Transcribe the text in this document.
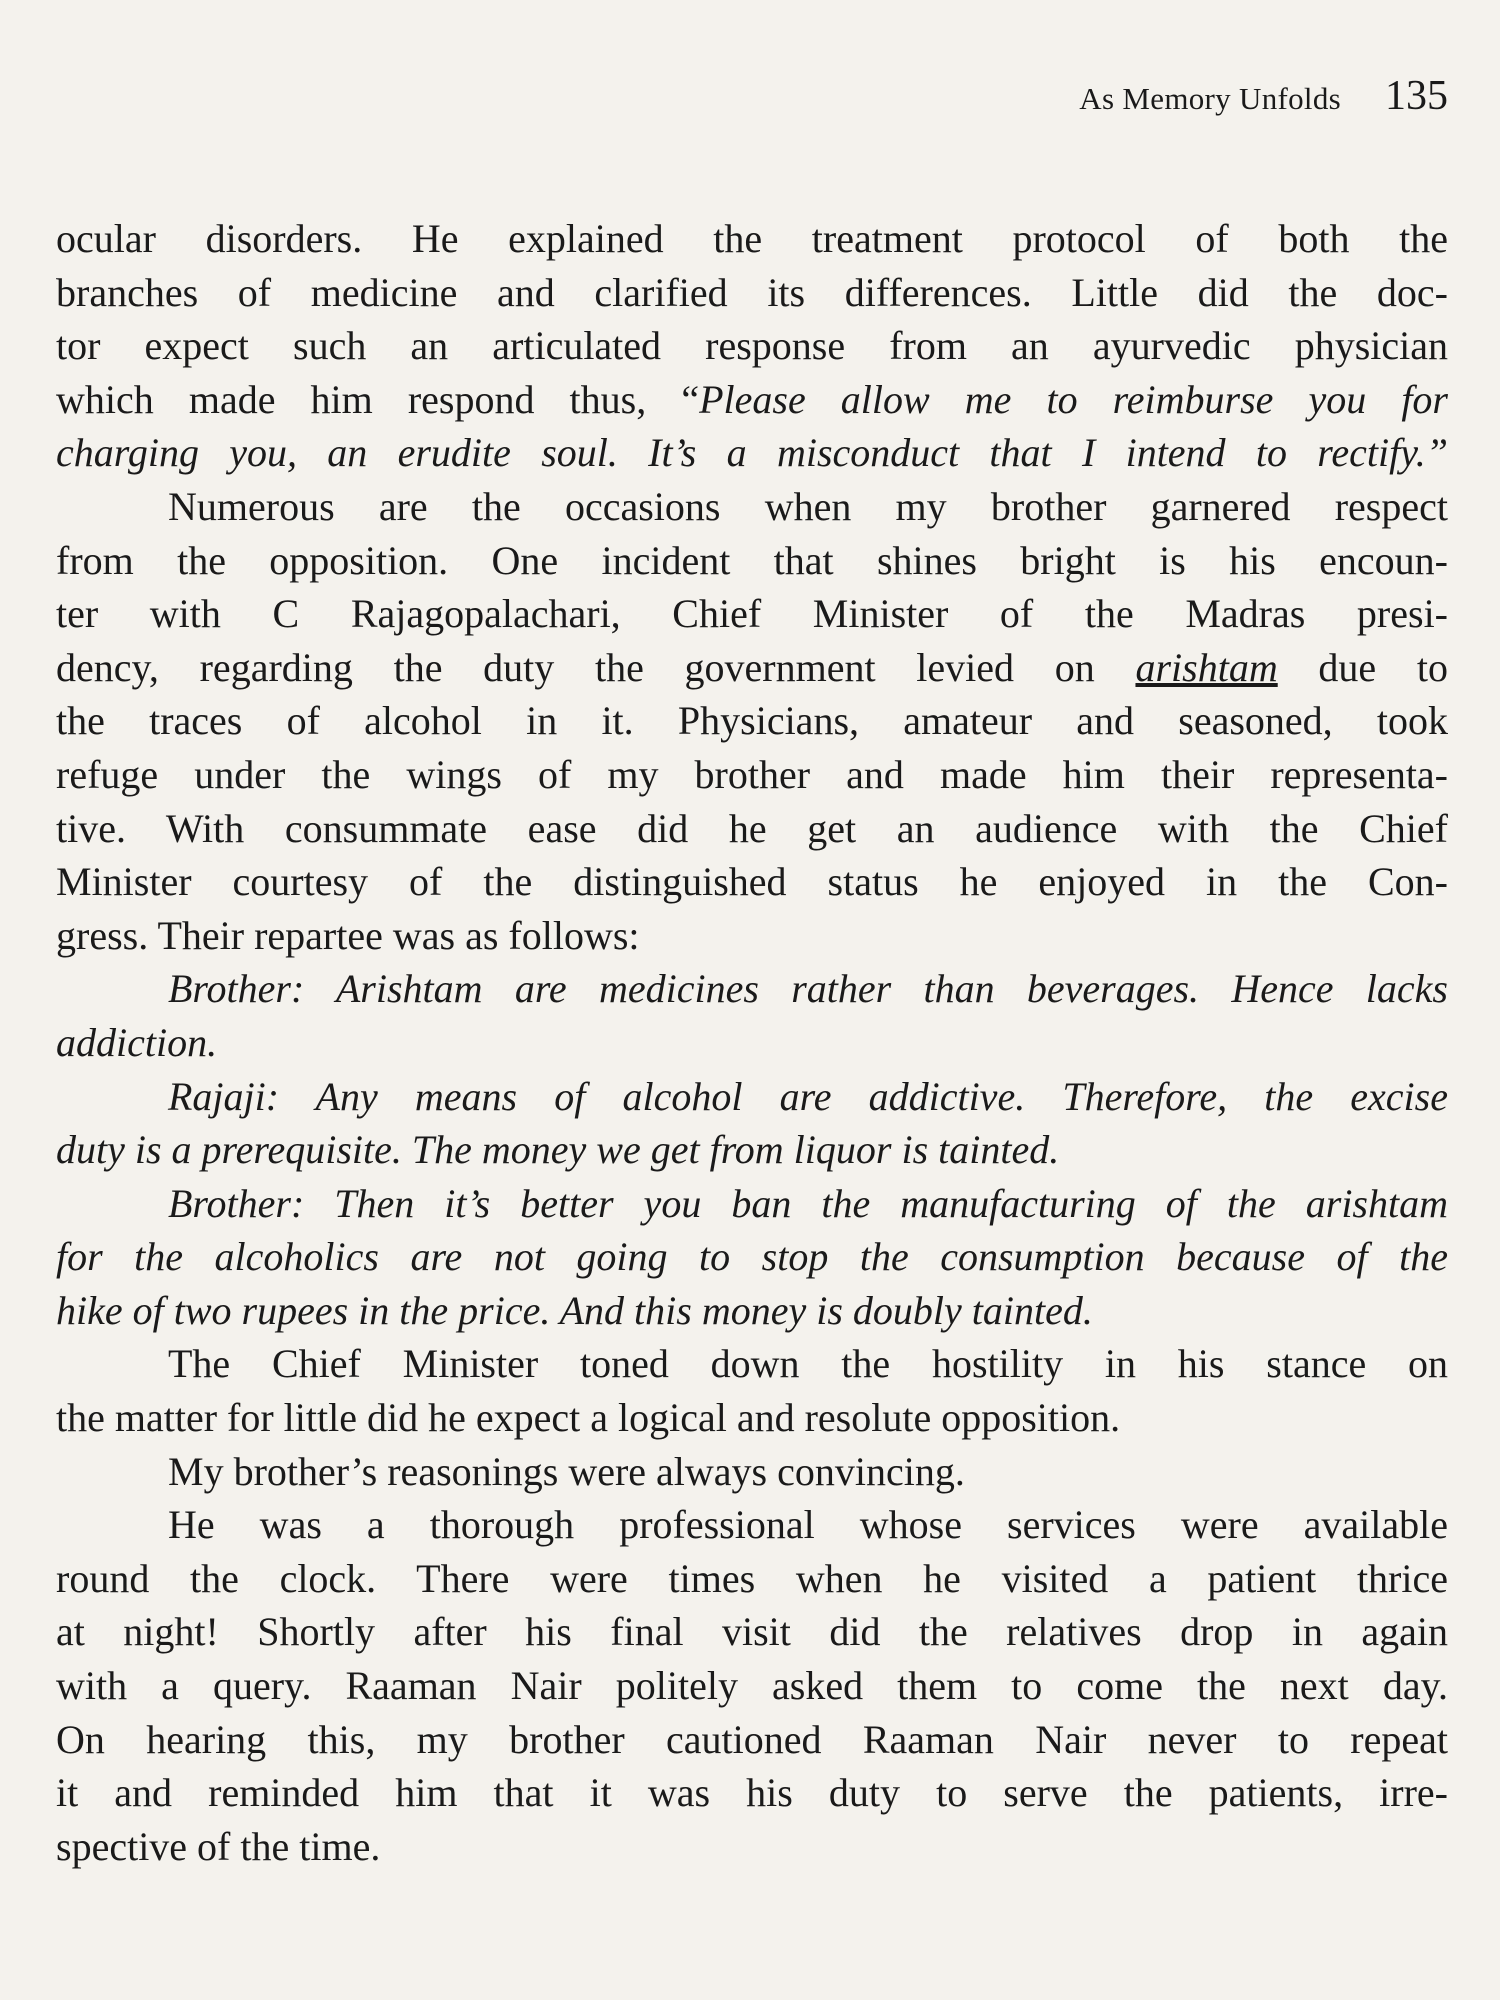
As Memory Unfolds 135
ocular disorders. He explained the treatment protocol of both the
branches of medicine and clarified its differences. Little did the doc-
tor expect such an articulated response from an ayurvedic physician
which made him respond thus, “Please allow me to reimburse you for
charging you, an erudite soul. It’s a misconduct that I intend to rectify.”
Numerous are the occasions when my brother garnered respect
from the opposition. One incident that shines bright is his encoun-
ter with C Rajagopalachari, Chief Minister of the Madras presi-
dency, regarding the duty the government levied on arishtam due to
the traces of alcohol in it. Physicians, amateur and seasoned, took
refuge under the wings of my brother and made him their representa-
tive. With consummate ease did he get an audience with the Chief
Minister courtesy of the distinguished status he enjoyed in the Con-
gress. Their repartee was as follows:
Brother: Arishtam are medicines rather than beverages. Hence lacks
addiction.
Rajaji: Any means of alcohol are addictive. Therefore, the excise
duty is a prerequisite. The money we get from liquor is tainted.
Brother: Then it’s better you ban the manufacturing of the arishtam
for the alcoholics are not going to stop the consumption because of the
hike of two rupees in the price. And this money is doubly tainted.
The Chief Minister toned down the hostility in his stance on
the matter for little did he expect a logical and resolute opposition.
My brother’s reasonings were always convincing.
He was a thorough professional whose services were available
round the clock. There were times when he visited a patient thrice
at night! Shortly after his final visit did the relatives drop in again
with a query. Raaman Nair politely asked them to come the next day.
On hearing this, my brother cautioned Raaman Nair never to repeat
it and reminded him that it was his duty to serve the patients, irre-
spective of the time.
